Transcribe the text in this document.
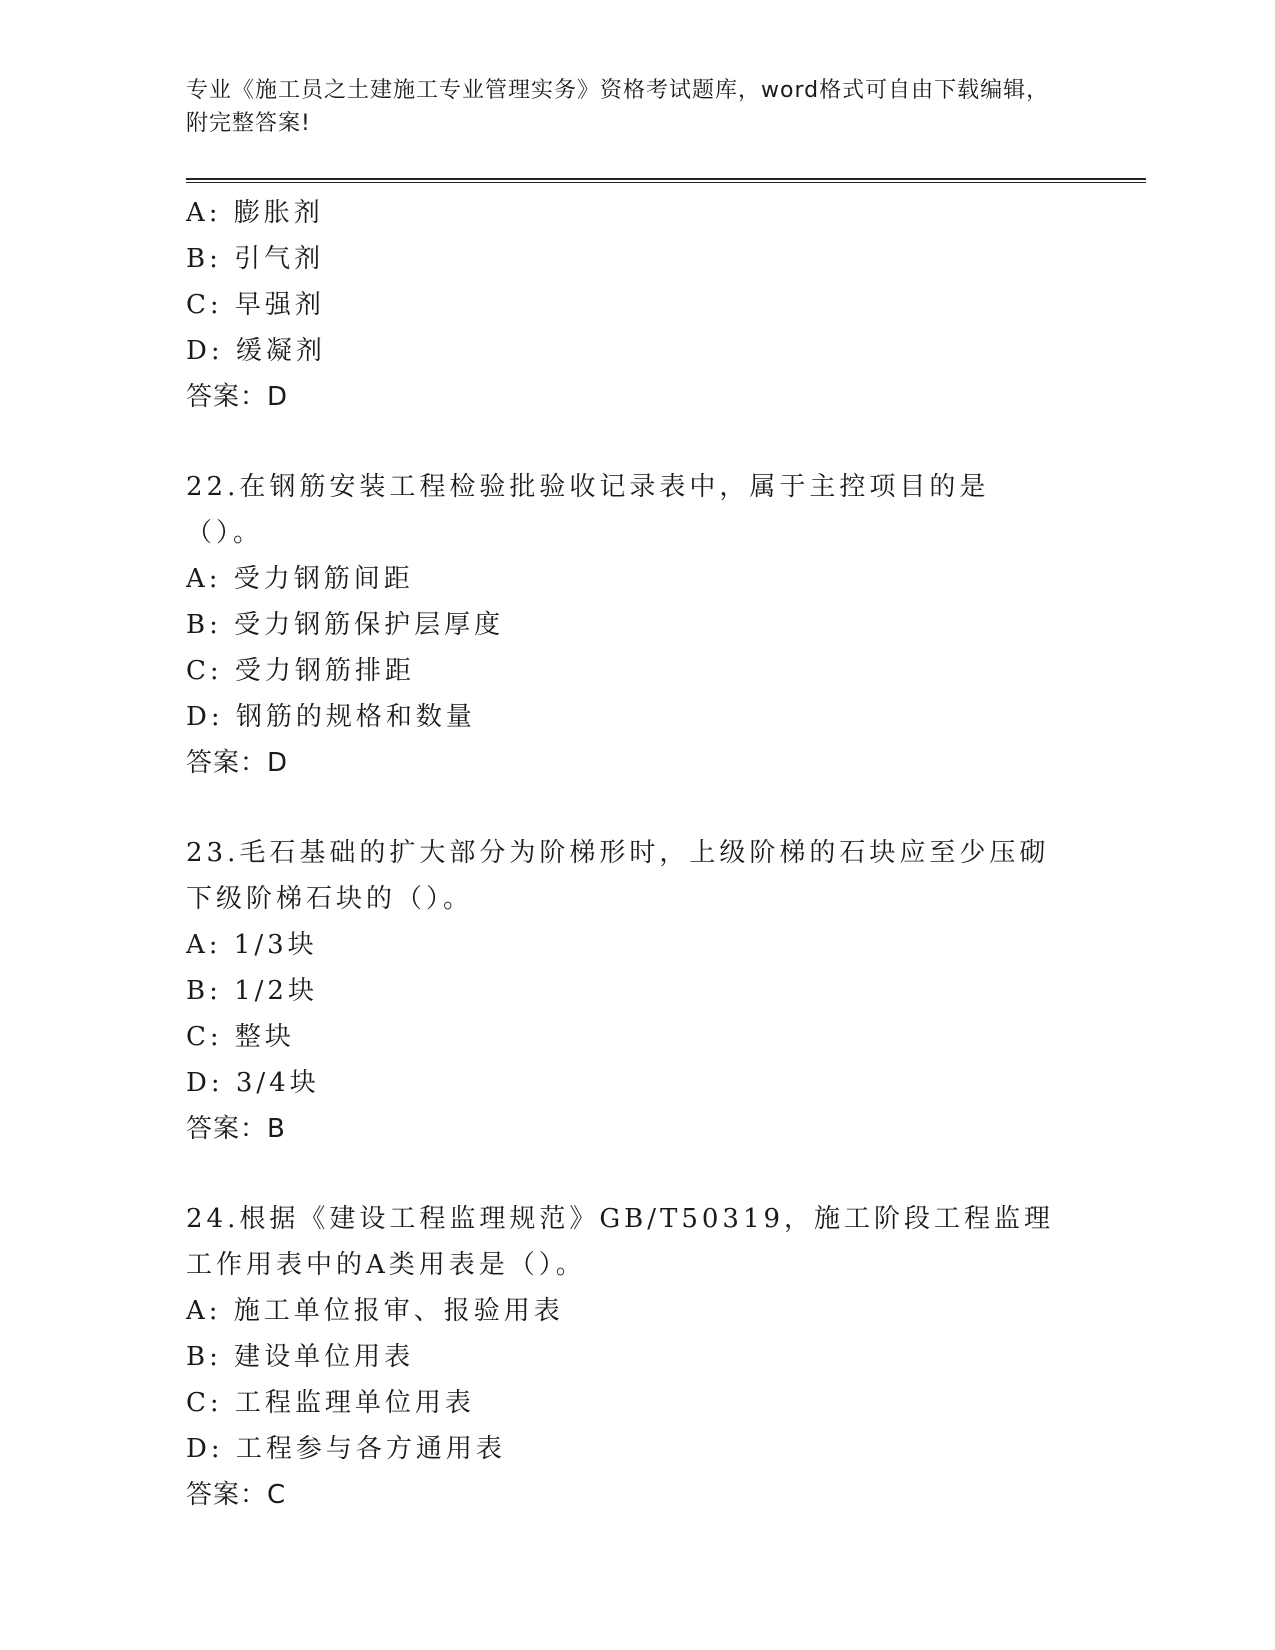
专业《施工员之土建施工专业管理实务》资格考试题库，word格式可自由下载编辑，附完整答案!
A: 膨胀剂
B: 引气剂
C: 早强剂
D: 缓凝剂
答案：D
22.在钢筋安装工程检验批验收记录表中，属于主控项目的是（）。
A: 受力钢筋间距
B: 受力钢筋保护层厚度
C: 受力钢筋排距
D: 钢筋的规格和数量
答案：D
23.毛石基础的扩大部分为阶梯形时，上级阶梯的石块应至少压砌下级阶梯石块的（）。
A: 1/3块
B: 1/2块
C: 整块
D: 3/4块
答案：B
24.根据《建设工程监理规范》GB/T50319，施工阶段工程监理工作用表中的A类用表是（）。
A: 施工单位报审、报验用表
B: 建设单位用表
C: 工程监理单位用表
D: 工程参与各方通用表
答案：C
